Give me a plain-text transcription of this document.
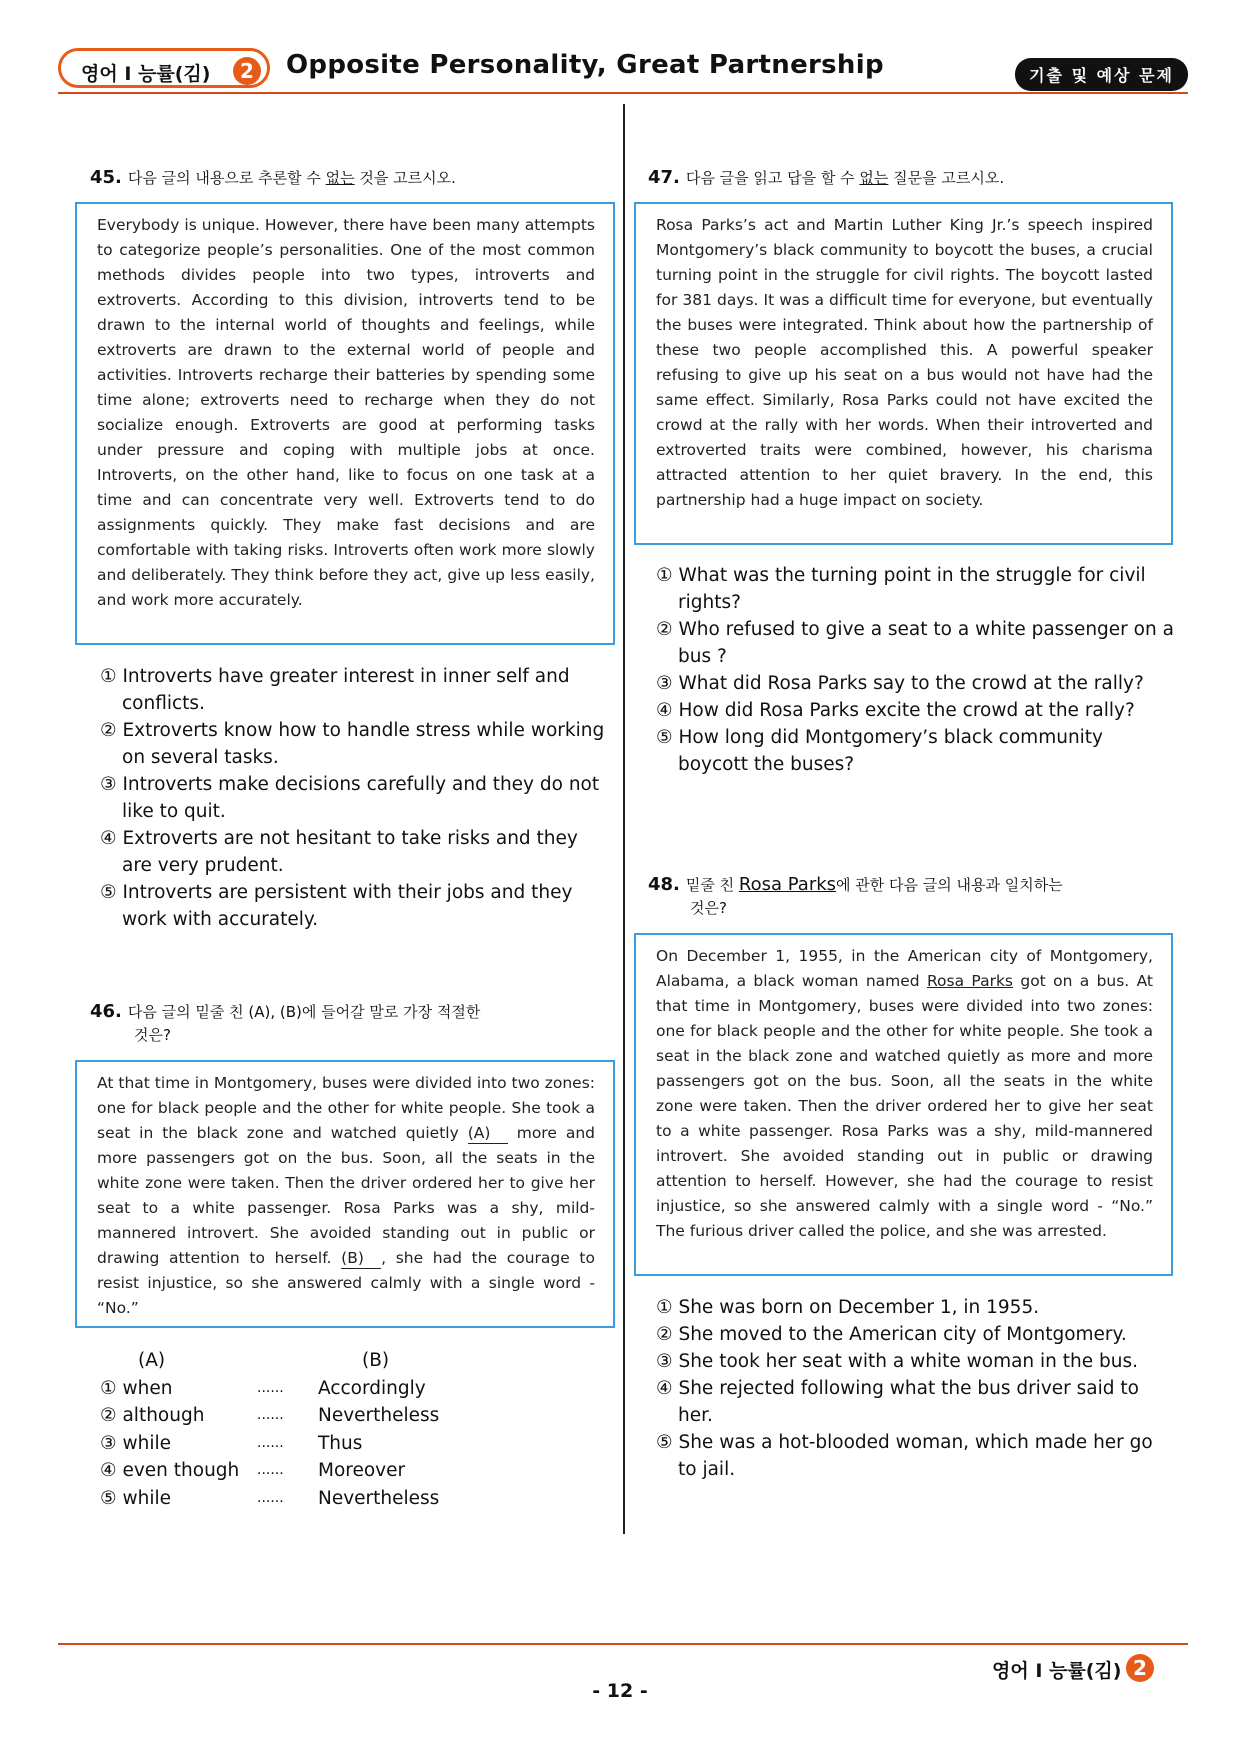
영어 I 능률(김)	2 Opposite Personality, Great Partnership	기출 및 예상 문제
45. 다음 글의 내용으로 추론할 수 없는 것을 고르시오.
Everybody is unique. However, there have been many attempts to categorize people’s personalities. One of the most common methods divides people into two types, introverts and extroverts. According to this division, introverts tend to be drawn to the internal world of thoughts and feelings, while extroverts are drawn to the external world of people and activities. Introverts recharge their batteries by spending some time alone; extroverts need to recharge when they do not socialize enough. Extroverts are good at performing tasks under pressure and coping with multiple jobs at once. Introverts, on the other hand, like to focus on one task at a time and can concentrate very well. Extroverts tend to do assignments quickly. They make fast decisions and are comfortable with taking risks. Introverts often work more slowly and deliberately. They think before they act, give up less easily, and work more accurately.
① Introverts have greater interest in inner self and conflicts.
② Extroverts know how to handle stress while working on several tasks.
③ Introverts make decisions carefully and they do not like to quit.
④ Extroverts are not hesitant to take risks and they are very prudent.
⑤ Introverts are persistent with their jobs and they work with accurately.
46. 다음 글의 밑줄 친 (A), (B)에 들어갈 말로 가장 적절한
것은?
At that time in Montgomery, buses were divided into two zones: one for black people and the other for white people. She took a seat in the black zone and watched quietly (A) more and more passengers got on the bus. Soon, all the seats in the white zone were taken. Then the driver ordered her to give her seat to a white passenger. Rosa Parks was a shy, mild-mannered introvert. She avoided standing out in public or drawing attention to herself. (B) , she had the courage to resist injustice, so she answered calmly with a single word - “No.”
(A)	(B)
① when	...... Accordingly
② although	...... Nevertheless
③ while	...... Thus
④ even though ...... Moreover
⑤ while	...... Nevertheless
47. 다음 글을 읽고 답을 할 수 없는 질문을 고르시오.
Rosa Parks’s act and Martin Luther King Jr.’s speech inspired Montgomery’s black community to boycott the buses, a crucial turning point in the struggle for civil rights. The boycott lasted for 381 days. It was a difficult time for everyone, but eventually the buses were integrated. Think about how the partnership of these two people accomplished this. A powerful speaker refusing to give up his seat on a bus would not have had the same effect. Similarly, Rosa Parks could not have excited the crowd at the rally with her words. When their introverted and extroverted traits were combined, however, his charisma attracted attention to her quiet bravery. In the end, this partnership had a huge impact on society.
① What was the turning point in the struggle for civil rights?
② Who refused to give a seat to a white passenger on a bus ?
③ What did Rosa Parks say to the crowd at the rally?
④ How did Rosa Parks excite the crowd at the rally?
⑤ How long did Montgomery’s black community boycott the buses?
48. 밑줄 친 Rosa Parks에 관한 다음 글의 내용과 일치하는
것은?
On December 1, 1955, in the American city of Montgomery, Alabama, a black woman named Rosa Parks got on a bus. At that time in Montgomery, buses were divided into two zones: one for black people and the other for white people. She took a seat in the black zone and watched quietly as more and more passengers got on the bus. Soon, all the seats in the white zone were taken. Then the driver ordered her to give her seat to a white passenger. Rosa Parks was a shy, mild-mannered introvert. She avoided standing out in public or drawing attention to herself. However, she had the courage to resist injustice, so she answered calmly with a single word - “No.” The furious driver called the police, and she was arrested.
① She was born on December 1, in 1955.
② She moved to the American city of Montgomery.
③ She took her seat with a white woman in the bus.
④ She rejected following what the bus driver said to her.
⑤ She was a hot-blooded woman, which made her go to jail.
영어 I 능률(김) 2
- 12 -
